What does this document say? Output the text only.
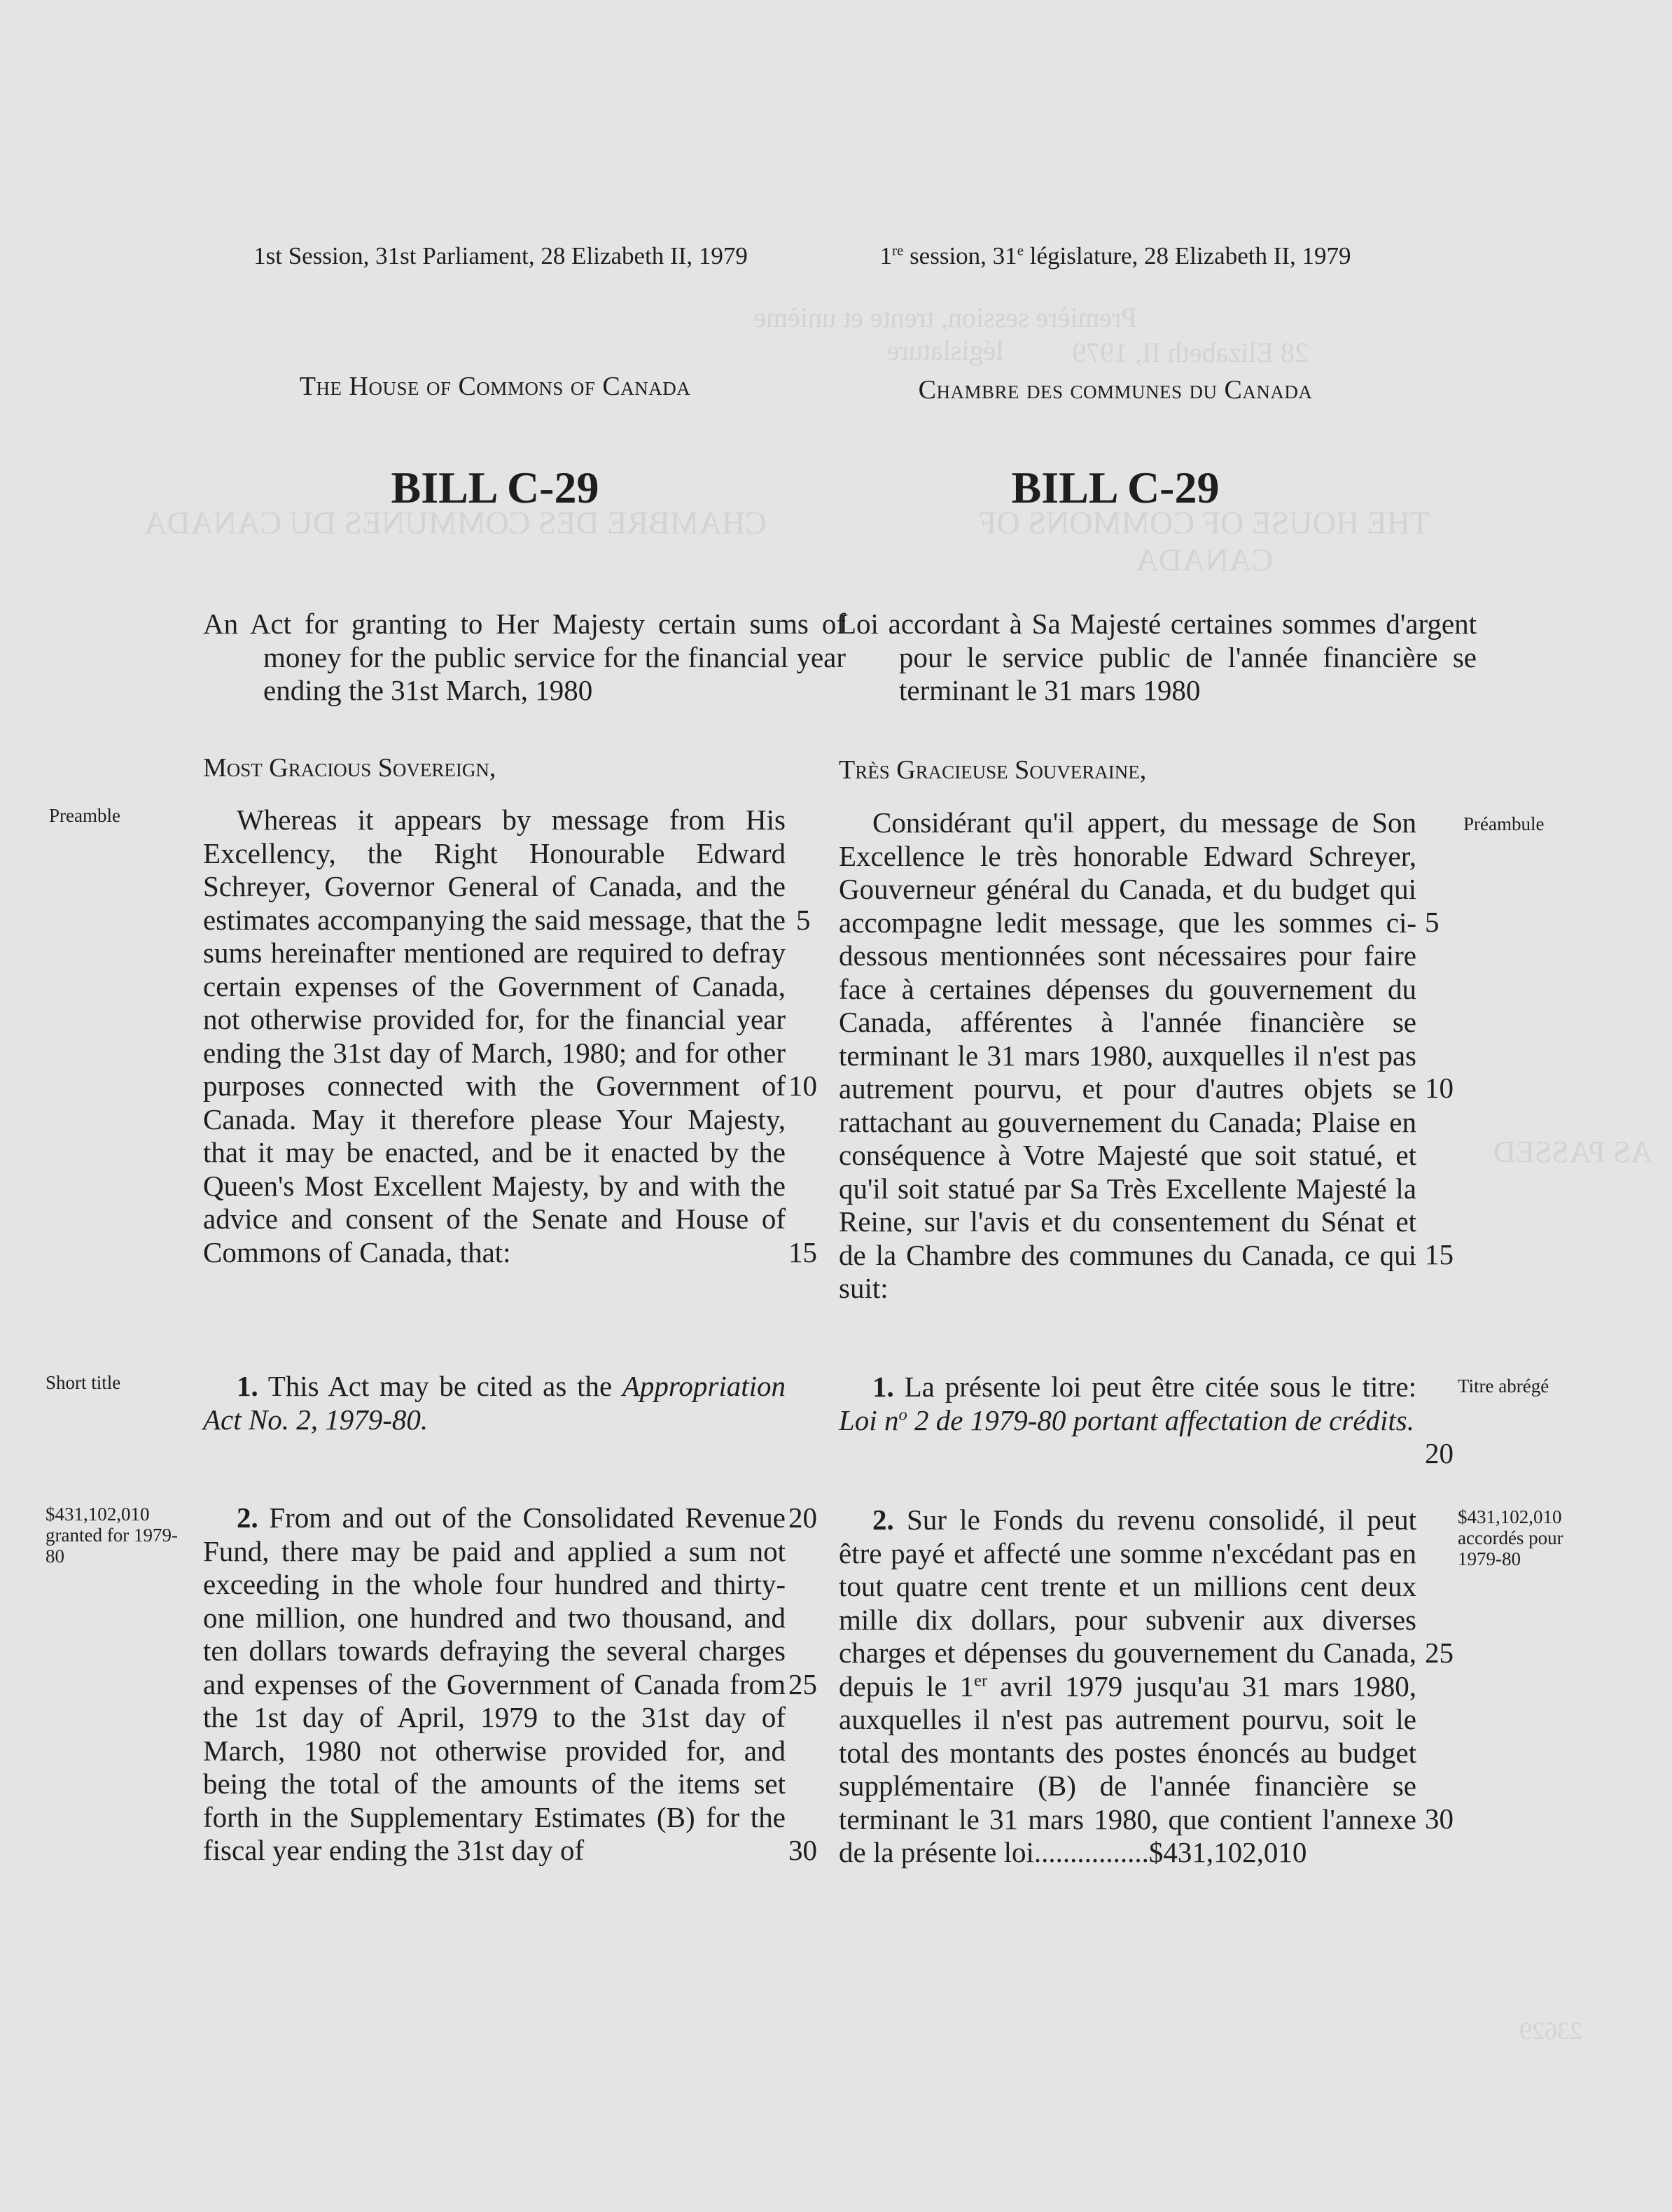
Première session, trente et unième législature	28 Elizabeth II, 1979
THE HOUSE OF COMMONS OF CANADA
CHAMBRE DES COMMUNES DU CANADA
AS PASSED
23629
1st Session, 31st Parliament, 28 Elizabeth II, 1979	1re session, 31e législature, 28 Elizabeth II, 1979
The House of Commons of Canada	Chambre des communes du Canada
BILL C-29	BILL C-29
An Act for granting to Her Majesty certain sums of money for the public service for the financial year ending the 31st March, 1980
Loi accordant à Sa Majesté certaines sommes d'argent pour le service public de l'année financière se terminant le 31 mars 1980
Most Gracious Sovereign,	Très Gracieuse Souveraine,
Preamble	Préambule
Short title	Titre abrégé
$431,102,010 granted for 1979-80
$431,102,010 accordés pour 1979-80

Whereas it appears by message from His Excellency, the Right Honourable Edward Schreyer, Governor General of Canada, and the estimates accompanying the said message, that the sums hereinafter mentioned are required to defray certain expenses of the Government of Canada, not otherwise provided for, for the financial year ending the 31st day of March, 1980; and for other purposes connected with the Government of Canada. May it therefore please Your Majesty, that it may be enacted, and be it enacted by the Queen's Most Excellent Majesty, by and with the advice and consent of the Senate and House of Commons of Canada, that:

Considérant qu'il appert, du message de Son Excellence le très honorable Edward Schreyer, Gouverneur général du Canada, et du budget qui accompagne ledit message, que les sommes ci-dessous mentionnées sont nécessaires pour faire face à certaines dépenses du gouvernement du Canada, afférentes à l'année financière se terminant le 31 mars 1980, auxquelles il n'est pas autrement pourvu, et pour d'autres objets se rattachant au gouvernement du Canada; Plaise en conséquence à Votre Majesté que soit statué, et qu'il soit statué par Sa Très Excellente Majesté la Reine, sur l'avis et du consentement du Sénat et de la Chambre des communes du Canada, ce qui suit:

1. This Act may be cited as the Appropriation Act No. 2, 1979-80.

1. La présente loi peut être citée sous le titre: Loi $n^o$ 2 de 1979-80 portant affectation de crédits.

2. From and out of the Consolidated Revenue Fund, there may be paid and applied a sum not exceeding in the whole four hundred and thirty-one million, one hundred and two thousand, and ten dollars towards defraying the several charges and expenses of the Government of Canada from the 1st day of April, 1979 to the 31st day of March, 1980 not otherwise provided for, and being the total of the amounts of the items set forth in the Supplementary Estimates (B) for the fiscal year ending the 31st day of

2. Sur le Fonds du revenu consolidé, il peut être payé et affecté une somme n'excédant pas en tout quatre cent trente et un millions cent deux mille dix dollars, pour subvenir aux diverses charges et dépenses du gouvernement du Canada, depuis le 1er avril 1979 jusqu'au 31 mars 1980, auxquelles il n'est pas autrement pourvu, soit le total des montants des postes énoncés au budget supplémentaire (B) de l'année financière se terminant le 31 mars 1980, que contient l'annexe de la présente loi................$431,102,010

5
10
15
20
25
30
5
10
15
20
25
30
